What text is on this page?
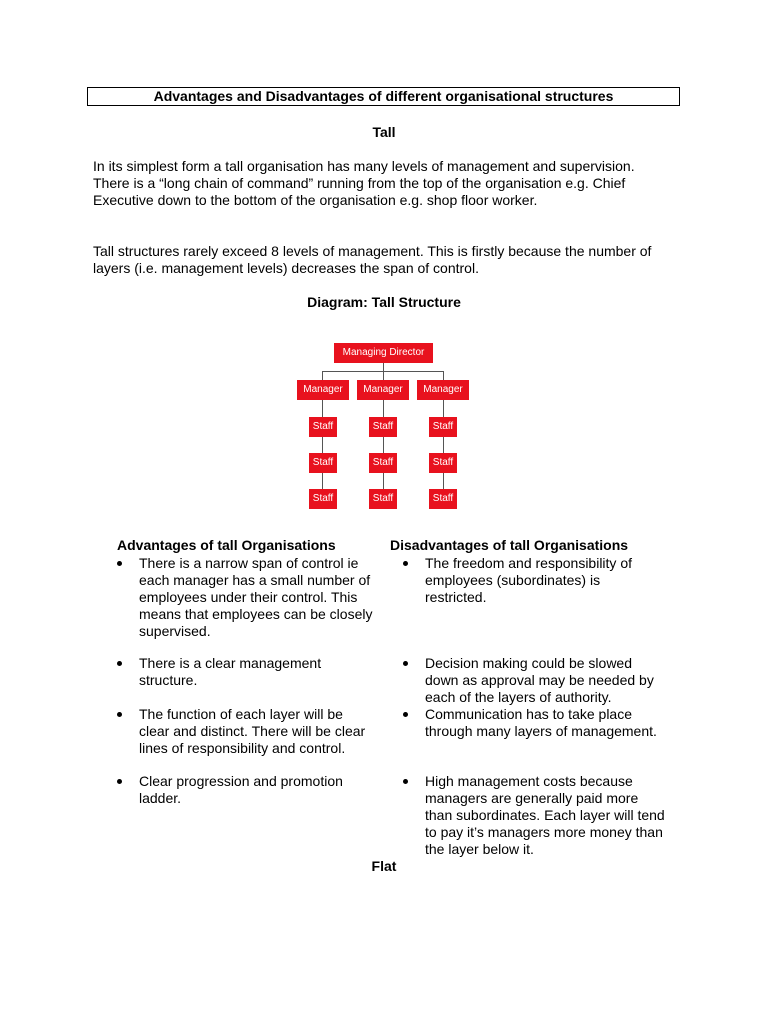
Advantages and Disadvantages of different organisational structures
Tall
In its simplest form a tall organisation has many levels of management and supervision. There is a “long chain of command” running from the top of the organisation e.g. Chief Executive down to the bottom of the organisation e.g. shop floor worker.
Tall structures rarely exceed 8 levels of management. This is firstly because the number of layers (i.e. management levels) decreases the span of control.
Diagram: Tall Structure
Managing Director
Manager	Manager	Manager
Staff	Staff	Staff
Staff	Staff	Staff
Staff	Staff	Staff
Advantages of tall Organisations
There is a narrow span of control ie each manager has a small number of employees under their control. This means that employees can be closely supervised.
There is a clear management structure.
The function of each layer will be clear and distinct. There will be clear lines of responsibility and control.
Clear progression and promotion ladder.
Disadvantages of tall Organisations
The freedom and responsibility of employees (subordinates) is restricted.
Decision making could be slowed down as approval may be needed by each of the layers of authority.
Communication has to take place through many layers of management.
High management costs because managers are generally paid more than subordinates. Each layer will tend to pay it’s managers more money than the layer below it.
Flat
